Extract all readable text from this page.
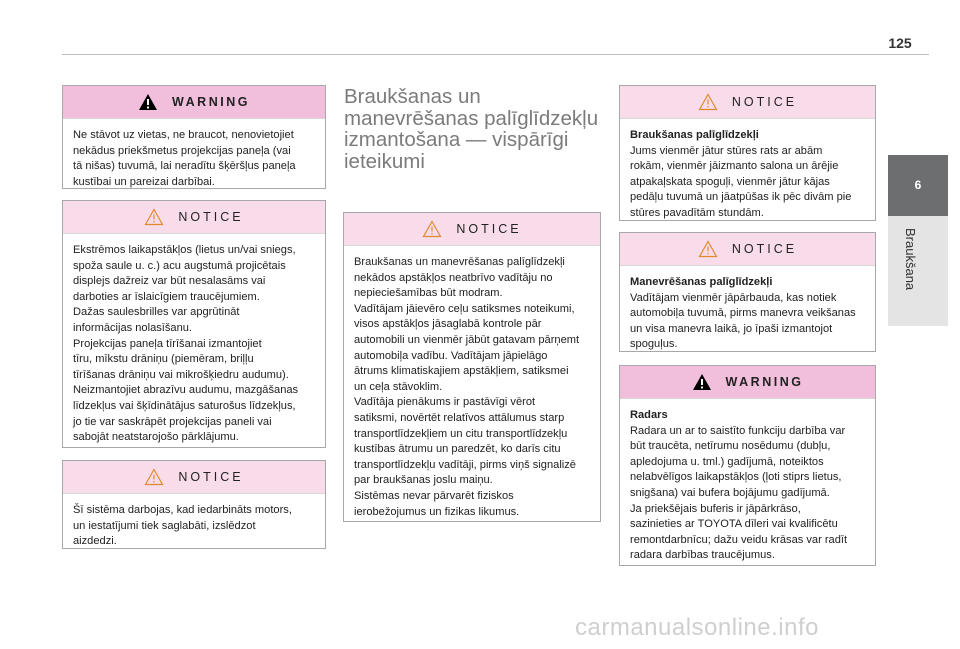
125
6
Braukšana
WARNING

Ne stāvot uz vietas, ne braucot, nenovietojiet

nekādus priekšmetus projekcijas paneļa (vai

tā nišas) tuvumā, lai neradītu šķēršļus paneļa

kustībai un pareizai darbībai.

NOTICE

Ekstrēmos laikapstākļos (lietus un/vai sniegs,

spoža saule u. c.) acu augstumā projicētais

displejs dažreiz var būt nesalasāms vai

darboties ar īslaicīgiem traucējumiem.

Dažas saulesbrilles var apgrūtināt

informācijas nolasīšanu.

Projekcijas paneļa tīrīšanai izmantojiet

tīru, mīkstu drāniņu (piemēram, briļļu

tīrīšanas drāniņu vai mikrošķiedru audumu).

Neizmantojiet abrazīvu audumu, mazgāšanas

līdzekļus vai šķīdinātājus saturošus līdzekļus,

jo tie var saskrāpēt projekcijas paneli vai

sabojāt neatstarojošo pārklājumu.

NOTICE

Šī sistēma darbojas, kad iedarbināts motors,

un iestatījumi tiek saglabāti, izslēdzot

aizdedzi.

Braukšanas un manevrēšanas palīglīdzekļu izmantošana — vispārīgi ieteikumi
NOTICE

Braukšanas un manevrēšanas palīglīdzekļi

nekādos apstākļos neatbrīvo vadītāju no

nepieciešamības būt modram.

Vadītājam jāievēro ceļu satiksmes noteikumi,

visos apstākļos jāsaglabā kontrole pār

automobili un vienmēr jābūt gatavam pārņemt

automobiļa vadību. Vadītājam jāpielāgo

ātrums klimatiskajiem apstākļiem, satiksmei

un ceļa stāvoklim.

Vadītāja pienākums ir pastāvīgi vērot

satiksmi, novērtēt relatīvos attālumus starp

transportlīdzekļiem un citu transportlīdzekļu

kustības ātrumu un paredzēt, ko darīs citu

transportlīdzekļu vadītāji, pirms viņš signalizē

par braukšanas joslu maiņu.

Sistēmas nevar pārvarēt fiziskos

ierobežojumus un fizikas likumus.

NOTICE

Braukšanas palīglīdzekļi

Jums vienmēr jātur stūres rats ar abām

rokām, vienmēr jāizmanto salona un ārējie

atpakaļskata spoguļi, vienmēr jātur kājas

pedāļu tuvumā un jāatpūšas ik pēc divām pie

stūres pavadītām stundām.

NOTICE

Manevrēšanas palīglīdzekļi

Vadītājam vienmēr jāpārbauda, kas notiek

automobiļa tuvumā, pirms manevra veikšanas

un visa manevra laikā, jo īpaši izmantojot

spoguļus.

WARNING

Radars

Radara un ar to saistīto funkciju darbība var

būt traucēta, netīrumu nosēdumu (dubļu,

apledojuma u. tml.) gadījumā, noteiktos

nelabvēlīgos laikapstākļos (ļoti stiprs lietus,

snigšana) vai bufera bojājumu gadījumā.

Ja priekšējais buferis ir jāpārkrāso,

sazinieties ar TOYOTA dīleri vai kvalificētu

remontdarbnīcu; dažu veidu krāsas var radīt

radara darbības traucējumus.

carmanualsonline.info
